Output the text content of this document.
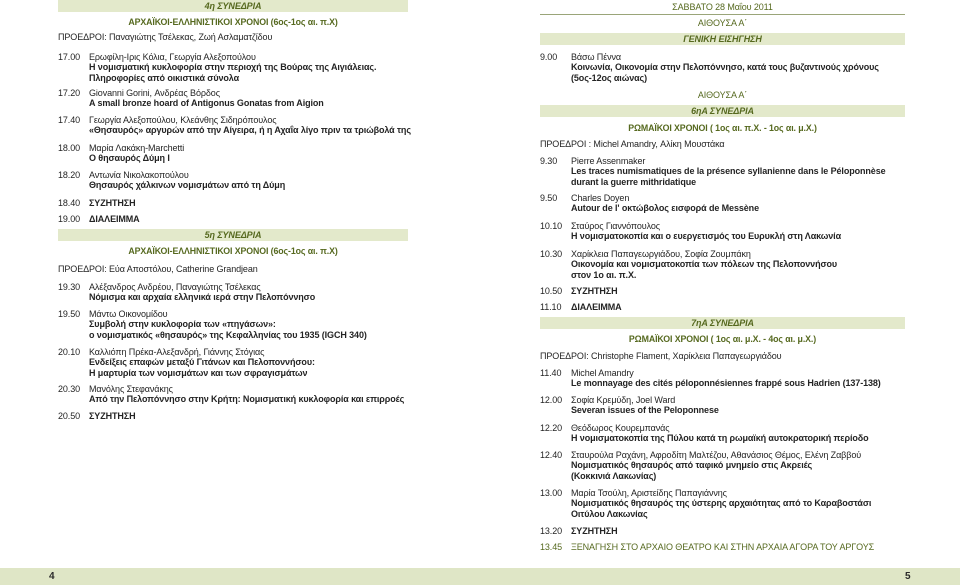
4η ΣΥΝΕΔΡΙΑ
ΑΡΧΑΪΚΟΙ-ΕΛΛΗΝΙΣΤΙΚΟΙ ΧΡΟΝΟΙ (6ος-1ος αι. π.Χ)
ΠΡΟΕΔΡΟΙ: Παναγιώτης Τσέλεκας, Ζωή Ασλαματζίδου
17.00 Ερωφίλη-Ιρις Κόλια, Γεωργία Αλεξοπούλου
Η νομισματική κυκλοφορία στην περιοχή της Βούρας της Αιγιάλειας.
Πληροφορίες από οικιστικά σύνολα
17.20 Giovanni Gorini, Ανδρέας Βόρδος
A small bronze hoard of Antigonus Gonatas from Aigion
17.40 Γεωργία Αλεξοπούλου, Κλεάνθης Σιδηρόπουλος
«Θησαυρός» αργυρών από την Αίγειρα, ή η Αχαΐα λίγο πριν τα τριώβολά της
18.00 Μαρία Λακάκη-Marchetti
Ο θησαυρός Δύμη Ι
18.20 Αντωνία Νικολακοπούλου
Θησαυρός χάλκινων νομισμάτων από τη Δύμη
18.40 ΣΥΖΗΤΗΣΗ
19.00 ΔΙΑΛΕΙΜΜΑ
5η ΣΥΝΕΔΡΙΑ
ΑΡΧΑΪΚΟΙ-ΕΛΛΗΝΙΣΤΙΚΟΙ ΧΡΟΝΟΙ (6ος-1ος αι. π.Χ)
ΠΡΟΕΔΡΟΙ: Εύα Αποστόλου, Catherine Grandjean
19.30 Αλέξανδρος Ανδρέου, Παναγιώτης Τσέλεκας
Νόμισμα και αρχαία ελληνικά ιερά στην Πελοπόννησο
19.50 Μάντω Οικονομίδου
Συμβολή στην κυκλοφορία των «πηγάσων»:
ο νομισματικός «θησαυρός» της Κεφαλληνίας του 1935 (IGCH 340)
20.10 Καλλιόπη Πρέκα-Αλεξανδρή, Γιάννης Στόγιας
Ενδείξεις επαφών μεταξύ Γιτάνων και Πελοποννήσου:
Η μαρτυρία των νομισμάτων και των σφραγισμάτων
20.30 Μανόλης Στεφανάκης
Από την Πελοπόννησο στην Κρήτη: Νομισματική κυκλοφορία και επιρροές
20.50 ΣΥΖΗΤΗΣΗ
ΣΑΒΒΑΤΟ 28 Μαΐου 2011
ΑΙΘΟΥΣΑ Α΄
ΓΕΝΙΚΗ ΕΙΣΗΓΗΣΗ
9.00	Βάσω Πέννα
Κοινωνία, Οικονομία στην Πελοπόννησο, κατά τους βυζαντινούς χρόνους
(5ος-12ος αιώνας)
ΑΙΘΟΥΣΑ Α΄
6ηΑ ΣΥΝΕΔΡΙΑ
ΡΩΜΑΪΚΟΙ ΧΡΟΝΟΙ ( 1ος αι. π.Χ. - 1ος αι. μ.Χ.)
ΠΡΟΕΔΡΟΙ : Michel Amandry, Αλίκη Μουστάκα
9.30	Pierre Assenmaker
Les traces numismatiques de la présence syllanienne dans le Péloponnèse
durant la guerre mithridatique
9.50	Charles Doyen
Autour de l' οκτώβολος εισφορά de Messène
10.10 Σταύρος Γιαννόπουλος
Η νομισματοκοπία και ο ευεργετισμός του Ευρυκλή στη Λακωνία
10.30 Χαρίκλεια Παπαγεωργιάδου, Σοφία Ζουμπάκη
Οικονομία και νομισματοκοπία των πόλεων της Πελοποννήσου
στον 1ο αι. π.Χ.
10.50 ΣΥΖΗΤΗΣΗ
11.10	ΔΙΑΛΕΙΜΜΑ
7ηΑ ΣΥΝΕΔΡΙΑ
ΡΩΜΑΪΚΟΙ ΧΡΟΝΟΙ ( 1ος αι. μ.Χ. - 4ος αι. μ.Χ.)
ΠΡΟΕΔΡΟΙ: Christophe Flament, Χαρίκλεια Παπαγεωργιάδου
11.40	Michel Amandry
Le monnayage des cités péloponnésiennes frappé sous Hadrien (137-138)
12.00 Σοφία Κρεμύδη, Joel Ward
Severan issues of the Peloponnese
12.20 Θεόδωρος Κουρεμπανάς
Η νομισματοκοπία της Πύλου κατά τη ρωμαϊκή αυτοκρατορική περίοδο
12.40 Σταυρούλα Ραχάνη, Αφροδίτη Μαλτέζου, Αθανάσιος Θέμος, Ελένη Ζαββού
Νομισματικός θησαυρός από ταφικό μνημείο στις Ακρειές
(Κοκκινιά Λακωνίας)
13.00 Μαρία Τσούλη, Αριστείδης Παπαγιάννης
Νομισματικός θησαυρός της ύστερης αρχαιότητας από το Καραβοστάσι
Οιτύλου Λακωνίας
13.20 ΣΥΖΗΤΗΣΗ
13.45 ΞΕΝΑΓΗΣΗ ΣΤΟ ΑΡΧΑΙΟ ΘΕΑΤΡΟ ΚΑΙ ΣΤΗΝ ΑΡΧΑΙΑ ΑΓΟΡΑ ΤΟΥ ΑΡΓΟΥΣ
4	5
